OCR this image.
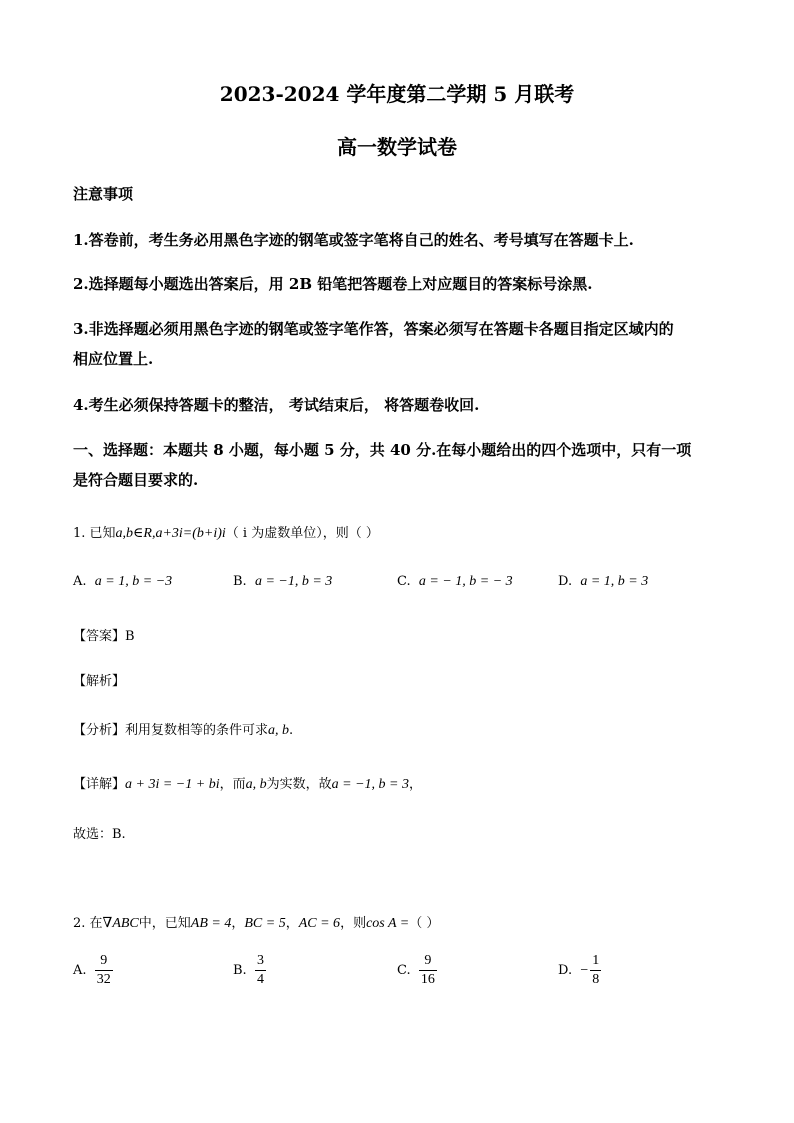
2023-2024 学年度第二学期 5 月联考
高一数学试卷
注意事项
1.答卷前，考生务必用黑色字迹的钢笔或签字笔将自己的姓名、考号填写在答题卡上.
2.选择题每小题选出答案后，用 2B 铅笔把答题卷上对应题目的答案标号涂黑.
3.非选择题必须用黑色字迹的钢笔或签字笔作答，答案必须写在答题卡各题目指定区域内的
相应位置上.
4.考生必须保持答题卡的整洁， 考试结束后， 将答题卷收回.
一、选择题：本题共 8 小题，每小题 5 分，共 40 分.在每小题给出的四个选项中，只有一项
是符合题目要求的.
1. 已知a,b∈R,a+3i=(b+i)i（ i 为虚数单位），则（ ）
A. a = 1, b = −3	B. a = −1, b = 3	C. a = − 1, b = − 3	D. a = 1, b = 3
【答案】B
【解析】
【分析】利用复数相等的条件可求a, b.
【详解】a + 3i = −1 + bi，而a, b为实数，故a = −1, b = 3，
故选：B.
2. 在∇ABC中，已知AB = 4，BC = 5，AC = 6，则cos A =（ ）
A. $\frac{9}{32}$	B. $\frac{3}{4}$	C. $\frac{9}{16}$	D. − $\frac{1}{8}$
